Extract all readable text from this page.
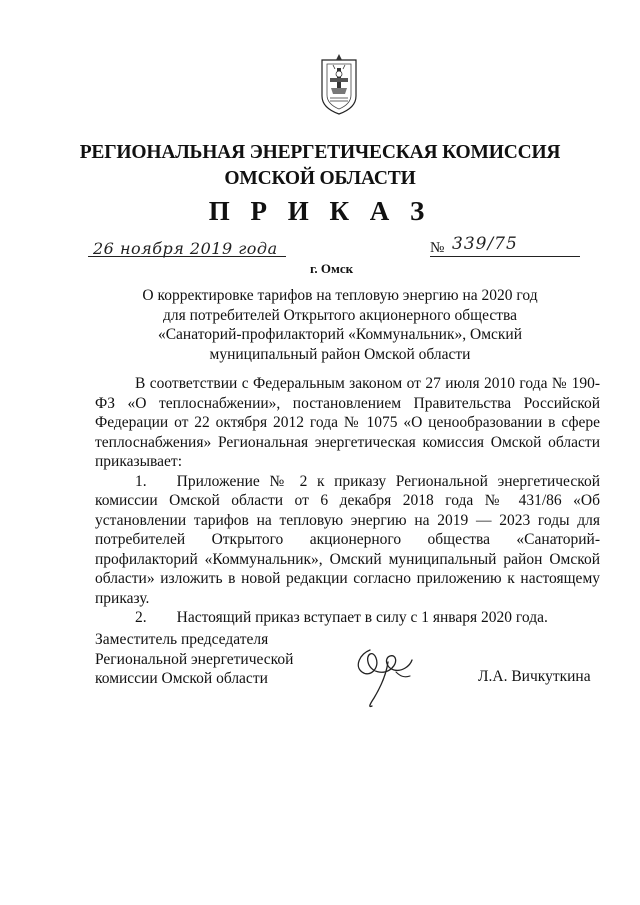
РЕГИОНАЛЬНАЯ ЭНЕРГЕТИЧЕСКАЯ КОМИССИЯ
ОМСКОЙ ОБЛАСТИ
П Р И К А З
26 ноября 2019 года	№ 339/75
г. Омск
О корректировке тарифов на тепловую энергию на 2020 год для потребителей Открытого акционерного общества «Санаторий-профилакторий «Коммунальник», Омский муниципальный район Омской области

В соответствии с Федеральным законом от 27 июля 2010 года № 190-ФЗ «О теплоснабжении», постановлением Правительства Российской Федерации от 22 октября 2012 года № 1075 «О ценообразовании в сфере теплоснабжения» Региональная энергетическая комиссия Омской области приказывает:

1. Приложение № 2 к приказу Региональной энергетической комиссии Омской области от 6 декабря 2018 года № 431/86 «Об установлении тарифов на тепловую энергию на 2019 — 2023 годы для потребителей Открытого акционерного общества «Санаторий-профилакторий «Коммунальник», Омский муниципальный район Омской области» изложить в новой редакции согласно приложению к настоящему приказу.

2. Настоящий приказ вступает в силу с 1 января 2020 года.

Заместитель председателя
Региональной энергетической
комиссии Омской области	Л.А. Вичкуткина
